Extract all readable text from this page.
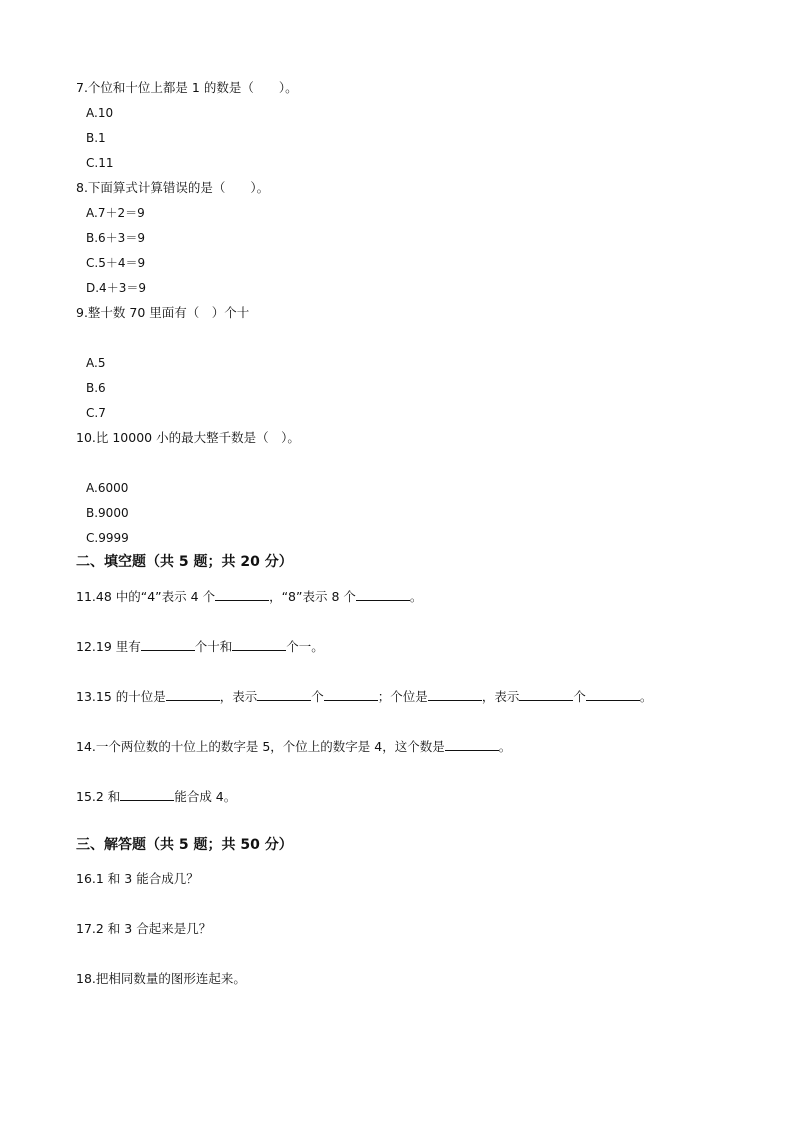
7.个位和十位上都是 1 的数是（　　）。
A.10
B.1
C.11
8.下面算式计算错误的是（　　）。
A.7＋2＝9
B.6＋3＝9
C.5＋4＝9
D.4＋3＝9
9.整十数 70 里面有（　）个十
A.5
B.6
C.7
10.比 10000 小的最大整千数是（　）。
A.6000
B.9000
C.9999
二、填空题（共 5 题；共 20 分）
11.48 中的“4”表示 4 个	，“8”表示 8 个	。
12.19 里有	个十和	个一。
13.15 的十位是	，表示	个	；个位是	，表示	个	。
14.一个两位数的十位上的数字是 5，个位上的数字是 4，这个数是	。
15.2 和	能合成 4。
三、解答题（共 5 题；共 50 分）
16.1 和 3 能合成几？
17.2 和 3 合起来是几？
18.把相同数量的图形连起来。
